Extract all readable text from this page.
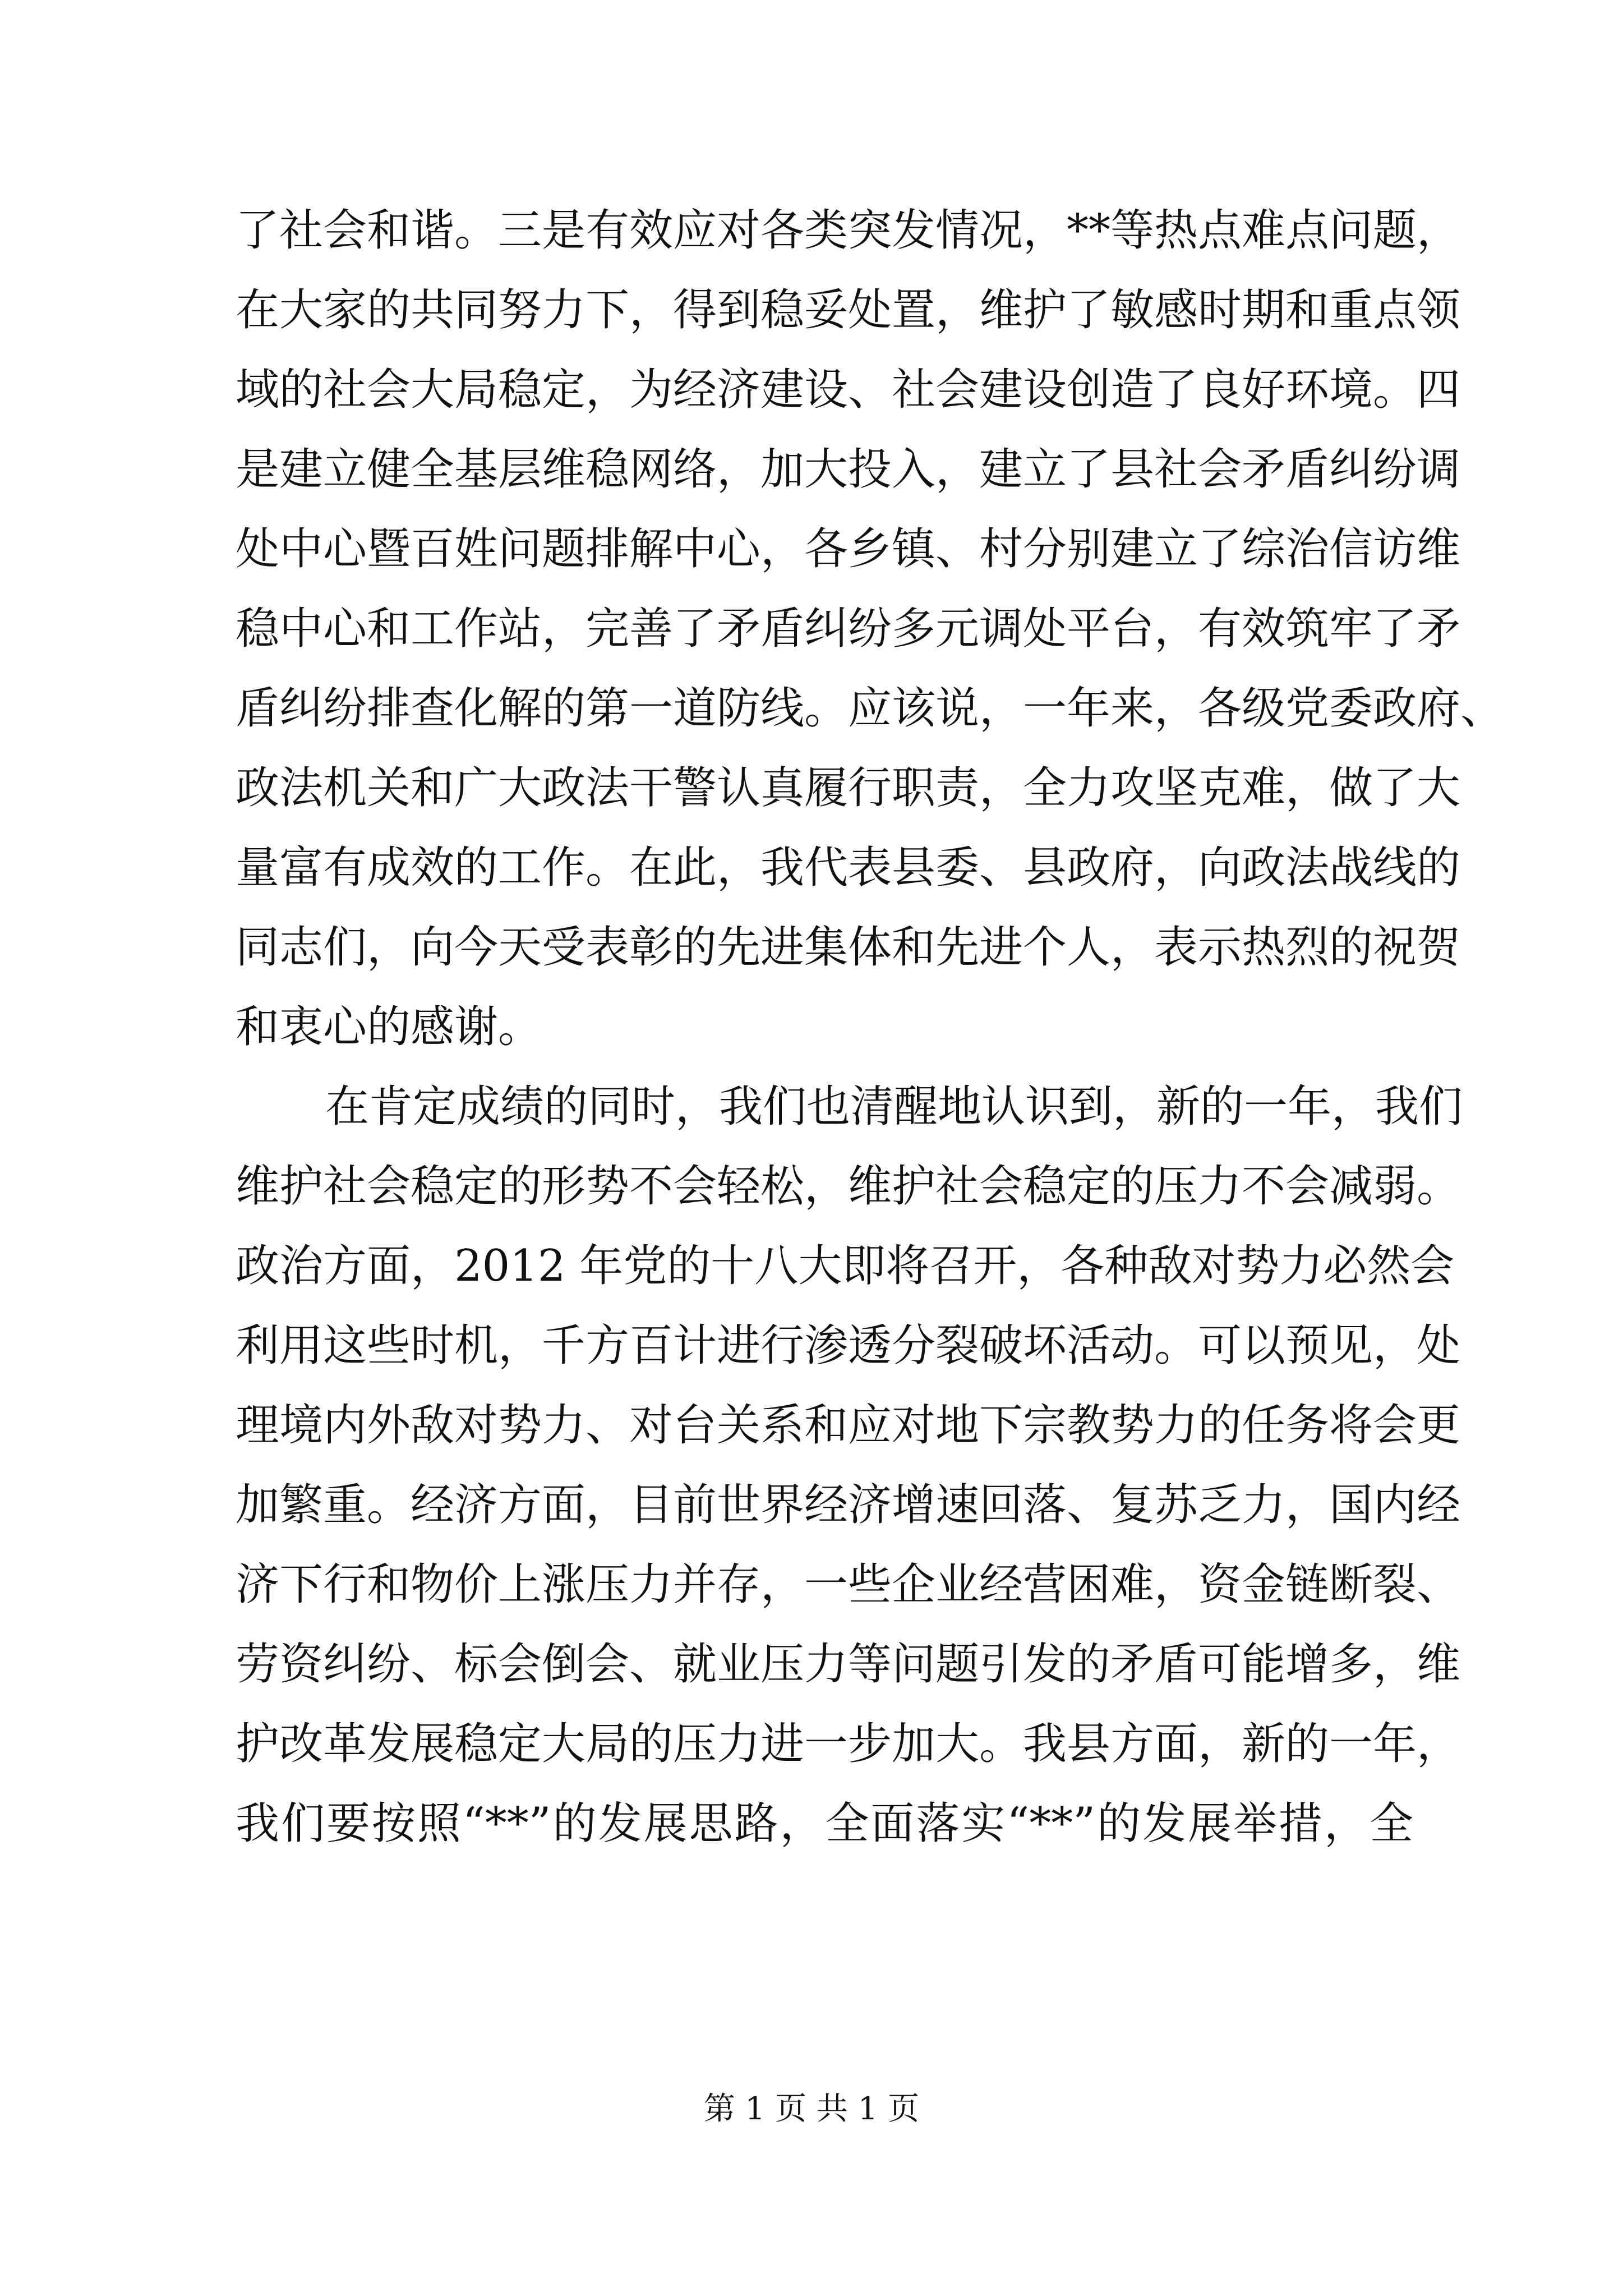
了社会和谐。三是有效应对各类突发情况，**等热点难点问题，
在大家的共同努力下，得到稳妥处置，维护了敏感时期和重点领
域的社会大局稳定，为经济建设、社会建设创造了良好环境。四
是建立健全基层维稳网络，加大投入，建立了县社会矛盾纠纷调
处中心暨百姓问题排解中心，各乡镇、村分别建立了综治信访维
稳中心和工作站，完善了矛盾纠纷多元调处平台，有效筑牢了矛
盾纠纷排查化解的第一道防线。应该说，一年来，各级党委政府、
政法机关和广大政法干警认真履行职责，全力攻坚克难，做了大
量富有成效的工作。在此，我代表县委、县政府，向政法战线的
同志们，向今天受表彰的先进集体和先进个人，表示热烈的祝贺
和衷心的感谢。
在肯定成绩的同时，我们也清醒地认识到，新的一年，我们
维护社会稳定的形势不会轻松，维护社会稳定的压力不会减弱。
政治方面，2012 年党的十八大即将召开，各种敌对势力必然会
利用这些时机，千方百计进行渗透分裂破坏活动。可以预见，处
理境内外敌对势力、对台关系和应对地下宗教势力的任务将会更
加繁重。经济方面，目前世界经济增速回落、复苏乏力，国内经
济下行和物价上涨压力并存，一些企业经营困难，资金链断裂、
劳资纠纷、标会倒会、就业压力等问题引发的矛盾可能增多，维
护改革发展稳定大局的压力进一步加大。我县方面，新的一年，
我们要按照“**”的发展思路，全面落实“**”的发展举措，全
第 1 页 共 1 页
